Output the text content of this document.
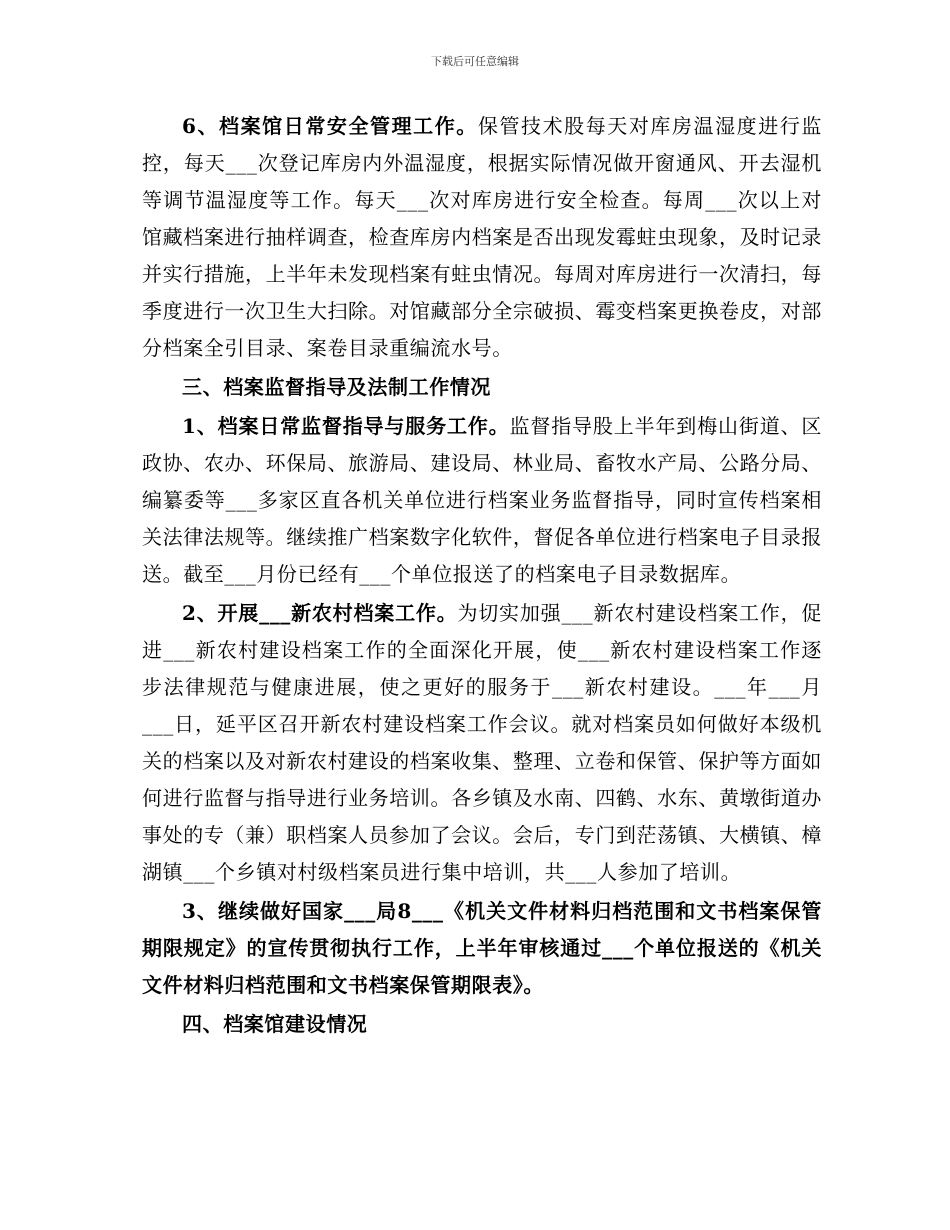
下载后可任意编辑

6、档案馆日常安全管理工作。保管技术股每天对库房温湿度进行监控，每天___次登记库房内外温湿度，根据实际情况做开窗通风、开去湿机等调节温湿度等工作。每天___次对库房进行安全检查。每周___次以上对馆藏档案进行抽样调查，检查库房内档案是否出现发霉蛀虫现象，及时记录并实行措施，上半年未发现档案有蛀虫情况。每周对库房进行一次清扫，每季度进行一次卫生大扫除。对馆藏部分全宗破损、霉变档案更换卷皮，对部分档案全引目录、案卷目录重编流水号。

三、档案监督指导及法制工作情况

1、档案日常监督指导与服务工作。监督指导股上半年到梅山街道、区政协、农办、环保局、旅游局、建设局、林业局、畜牧水产局、公路分局、编纂委等___多家区直各机关单位进行档案业务监督指导，同时宣传档案相关法律法规等。继续推广档案数字化软件，督促各单位进行档案电子目录报送。截至___月份已经有___个单位报送了的档案电子目录数据库。

2、开展___新农村档案工作。为切实加强___新农村建设档案工作，促进___新农村建设档案工作的全面深化开展，使___新农村建设档案工作逐步法律规范与健康进展，使之更好的服务于___新农村建设。___年___月___日，延平区召开新农村建设档案工作会议。就对档案员如何做好本级机关的档案以及对新农村建设的档案收集、整理、立卷和保管、保护等方面如何进行监督与指导进行业务培训。各乡镇及水南、四鹤、水东、黄墩街道办事处的专（兼）职档案人员参加了会议。会后，专门到茫荡镇、大横镇、樟湖镇___个乡镇对村级档案员进行集中培训，共___人参加了培训。

3、继续做好国家___局8___《机关文件材料归档范围和文书档案保管期限规定》的宣传贯彻执行工作，上半年审核通过___个单位报送的《机关文件材料归档范围和文书档案保管期限表》。

四、档案馆建设情况
